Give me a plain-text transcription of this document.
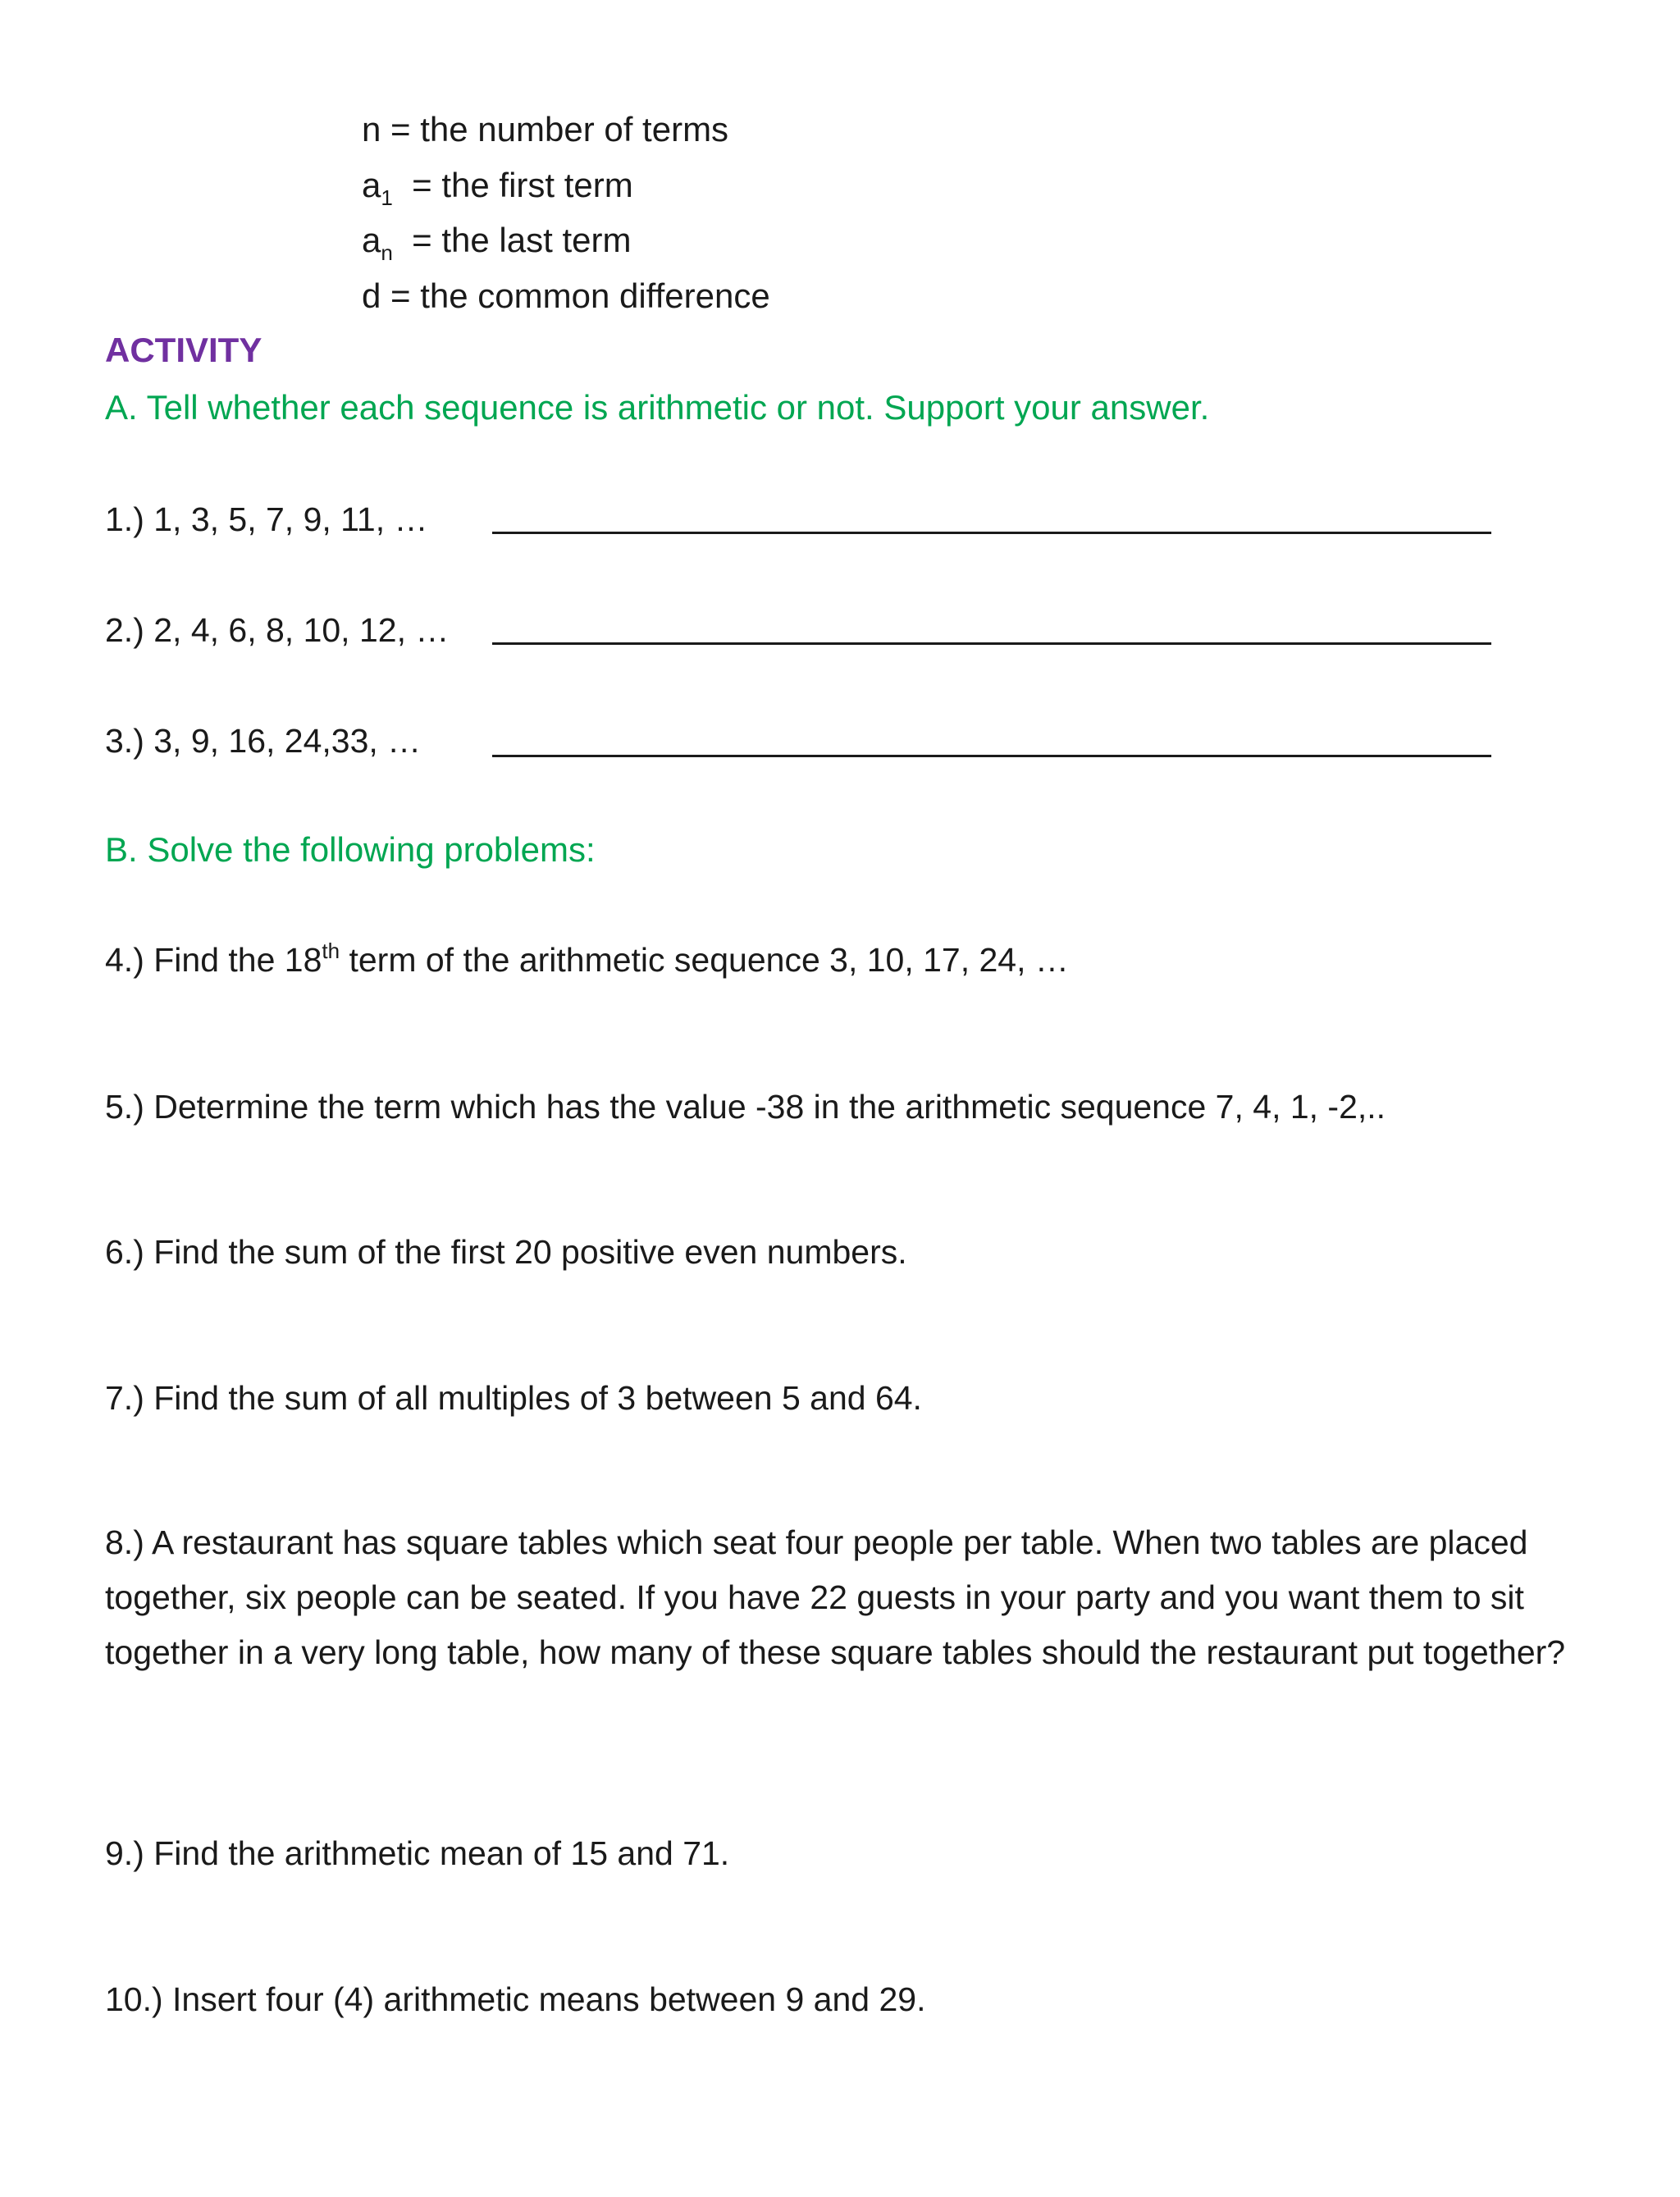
n = the number of terms
$a_1$  = the first term
$a_n$  = the last term
d = the common difference
ACTIVITY
A. Tell whether each sequence is arithmetic or not. Support your answer.
1.) 1, 3, 5, 7, 9, 11, …
2.) 2, 4, 6, 8, 10, 12, …
3.) 3, 9, 16, 24,33, …
B. Solve the following problems:
4.) Find the 18th term of the arithmetic sequence 3, 10, 17, 24, …
5.) Determine the term which has the value -38 in the arithmetic sequence 7, 4, 1, -2,..
6.) Find the sum of the first 20 positive even numbers.
7.) Find the sum of all multiples of 3 between 5 and 64.
8.) A restaurant has square tables which seat four people per table. When two tables are placed together, six people can be seated. If you have 22 guests in your party and you want them to sit together in a very long table, how many of these square tables should the restaurant put together?
9.) Find the arithmetic mean of 15 and 71.
10.) Insert four (4) arithmetic means between 9 and 29.
